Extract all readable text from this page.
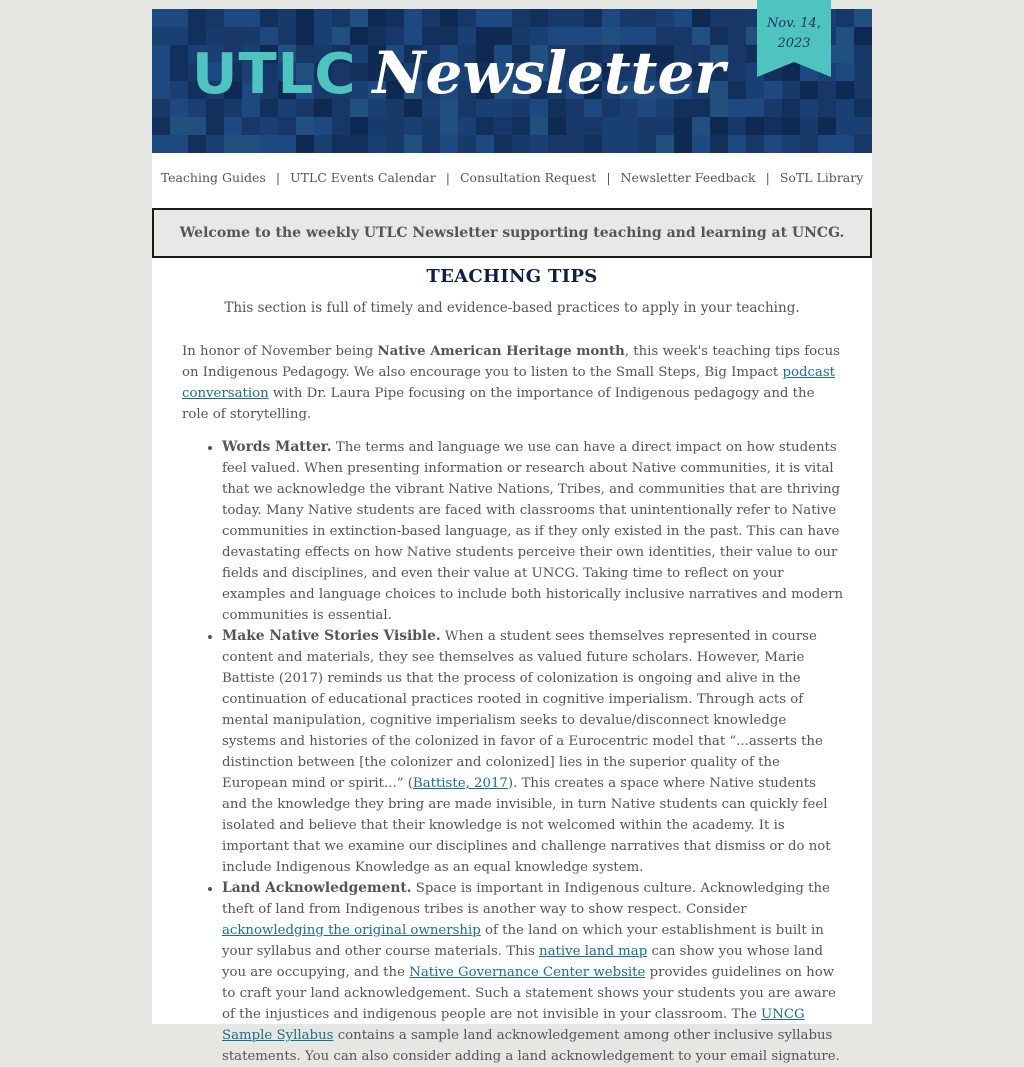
UTLC Newsletter
Nov. 14,
2023
Teaching Guides | UTLC Events Calendar | Consultation Request | Newsletter Feedback | SoTL Library
Welcome to the weekly UTLC Newsletter supporting teaching and learning at UNCG.
TEACHING TIPS
This section is full of timely and evidence-based practices to apply in your teaching.

In honor of November being Native American Heritage month, this week's teaching tips focus on Indigenous Pedagogy. We also encourage you to listen to the Small Steps, Big Impact podcast conversation with Dr. Laura Pipe focusing on the importance of Indigenous pedagogy and the role of storytelling.

• Words Matter. The terms and language we use can have a direct impact on how students feel valued. When presenting information or research about Native communities, it is vital that we acknowledge the vibrant Native Nations, Tribes, and communities that are thriving today. Many Native students are faced with classrooms that unintentionally refer to Native communities in extinction-based language, as if they only existed in the past. This can have devastating effects on how Native students perceive their own identities, their value to our fields and disciplines, and even their value at UNCG. Taking time to reflect on your examples and language choices to include both historically inclusive narratives and modern communities is essential.
• Make Native Stories Visible. When a student sees themselves represented in course content and materials, they see themselves as valued future scholars. However, Marie Battiste (2017) reminds us that the process of colonization is ongoing and alive in the continuation of educational practices rooted in cognitive imperialism. Through acts of mental manipulation, cognitive imperialism seeks to devalue/disconnect knowledge systems and histories of the colonized in favor of a Eurocentric model that “...asserts the distinction between [the colonizer and colonized] lies in the superior quality of the European mind or spirit...” (Battiste, 2017). This creates a space where Native students and the knowledge they bring are made invisible, in turn Native students can quickly feel isolated and believe that their knowledge is not welcomed within the academy. It is important that we examine our disciplines and challenge narratives that dismiss or do not include Indigenous Knowledge as an equal knowledge system.
• Land Acknowledgement. Space is important in Indigenous culture. Acknowledging the theft of land from Indigenous tribes is another way to show respect. Consider acknowledging the original ownership of the land on which your establishment is built in your syllabus and other course materials. This native land map can show you whose land you are occupying, and the Native Governance Center website provides guidelines on how to craft your land acknowledgement. Such a statement shows your students you are aware of the injustices and indigenous people are not invisible in your classroom. The UNCG Sample Syllabus contains a sample land acknowledgement among other inclusive syllabus statements. You can also consider adding a land acknowledgement to your email signature.
